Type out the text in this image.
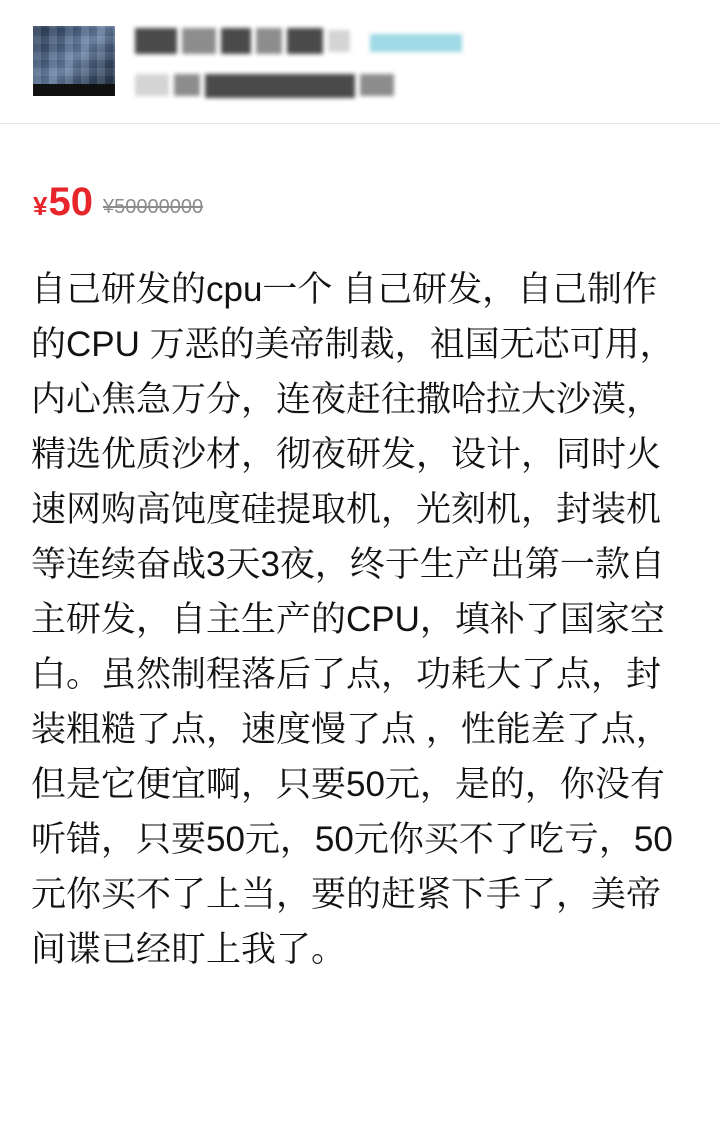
¥ 50 ¥50000000
自己研发的cpu一个 自己研发，自己制作的CPU 万恶的美帝制裁，祖国无芯可用，内心焦急万分，连夜赶往撒哈拉大沙漠，精选优质沙材，彻夜研发，设计，同时火速网购高饨度硅提取机，光刻机，封装机等连续奋战3天3夜，终于生产出第一款自主研发，自主生产的CPU，填补了国家空白。虽然制程落后了点，功耗大了点，封装粗糙了点，速度慢了点 ，性能差了点，但是它便宜啊，只要50元，是的，你没有听错，只要50元，50元你买不了吃亏，50元你买不了上当，要的赶紧下手了，美帝间谍已经盯上我了。
